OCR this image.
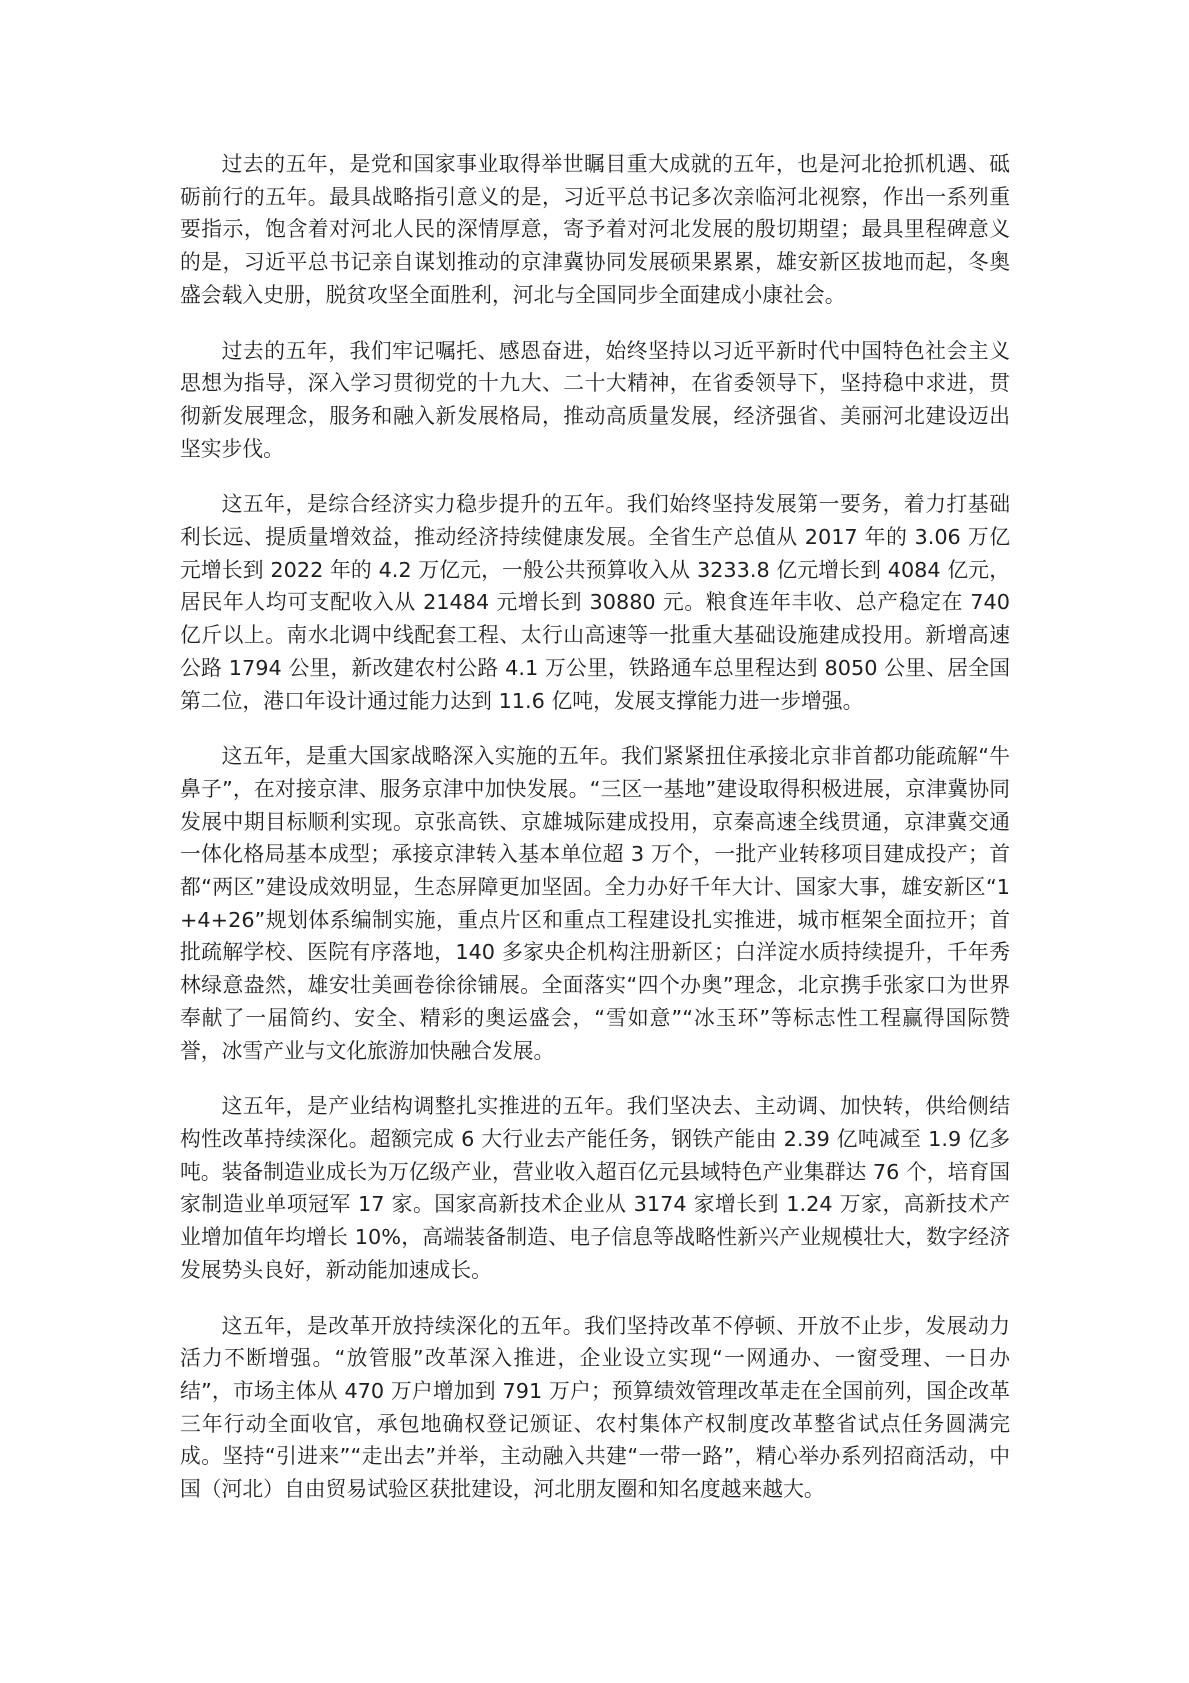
过去的五年，是党和国家事业取得举世瞩目重大成就的五年，也是河北抢抓机遇、砥砺前行的五年。最具战略指引意义的是，习近平总书记多次亲临河北视察，作出一系列重要指示，饱含着对河北人民的深情厚意，寄予着对河北发展的殷切期望；最具里程碑意义的是，习近平总书记亲自谋划推动的京津冀协同发展硕果累累，雄安新区拔地而起，冬奥盛会载入史册，脱贫攻坚全面胜利，河北与全国同步全面建成小康社会。

过去的五年，我们牢记嘱托、感恩奋进，始终坚持以习近平新时代中国特色社会主义思想为指导，深入学习贯彻党的十九大、二十大精神，在省委领导下，坚持稳中求进，贯彻新发展理念，服务和融入新发展格局，推动高质量发展，经济强省、美丽河北建设迈出坚实步伐。

这五年，是综合经济实力稳步提升的五年。我们始终坚持发展第一要务，着力打基础利长远、提质量增效益，推动经济持续健康发展。全省生产总值从 2017 年的 3.06 万亿元增长到 2022 年的 4.2 万亿元，一般公共预算收入从 3233.8 亿元增长到 4084 亿元，居民年人均可支配收入从 21484 元增长到 30880 元。粮食连年丰收、总产稳定在 740 亿斤以上。南水北调中线配套工程、太行山高速等一批重大基础设施建成投用。新增高速公路 1794 公里，新改建农村公路 4.1 万公里，铁路通车总里程达到 8050 公里、居全国第二位，港口年设计通过能力达到 11.6 亿吨，发展支撑能力进一步增强。

这五年，是重大国家战略深入实施的五年。我们紧紧扭住承接北京非首都功能疏解“牛鼻子”，在对接京津、服务京津中加快发展。“三区一基地”建设取得积极进展，京津冀协同发展中期目标顺利实现。京张高铁、京雄城际建成投用，京秦高速全线贯通，京津冀交通一体化格局基本成型；承接京津转入基本单位超 3 万个，一批产业转移项目建成投产；首都“两区”建设成效明显，生态屏障更加坚固。全力办好千年大计、国家大事，雄安新区“1+4+26”规划体系编制实施，重点片区和重点工程建设扎实推进，城市框架全面拉开；首批疏解学校、医院有序落地，140 多家央企机构注册新区；白洋淀水质持续提升，千年秀林绿意盎然，雄安壮美画卷徐徐铺展。全面落实“四个办奥”理念，北京携手张家口为世界奉献了一届简约、安全、精彩的奥运盛会，“雪如意”“冰玉环”等标志性工程赢得国际赞誉，冰雪产业与文化旅游加快融合发展。

这五年，是产业结构调整扎实推进的五年。我们坚决去、主动调、加快转，供给侧结构性改革持续深化。超额完成 6 大行业去产能任务，钢铁产能由 2.39 亿吨减至 1.9 亿多吨。装备制造业成长为万亿级产业，营业收入超百亿元县域特色产业集群达 76 个，培育国家制造业单项冠军 17 家。国家高新技术企业从 3174 家增长到 1.24 万家，高新技术产业增加值年均增长 10%，高端装备制造、电子信息等战略性新兴产业规模壮大，数字经济发展势头良好，新动能加速成长。

这五年，是改革开放持续深化的五年。我们坚持改革不停顿、开放不止步，发展动力活力不断增强。“放管服”改革深入推进，企业设立实现“一网通办、一窗受理、一日办结”，市场主体从 470 万户增加到 791 万户；预算绩效管理改革走在全国前列，国企改革三年行动全面收官，承包地确权登记颁证、农村集体产权制度改革整省试点任务圆满完成。坚持“引进来”“走出去”并举，主动融入共建“一带一路”，精心举办系列招商活动，中国（河北）自由贸易试验区获批建设，河北朋友圈和知名度越来越大。
